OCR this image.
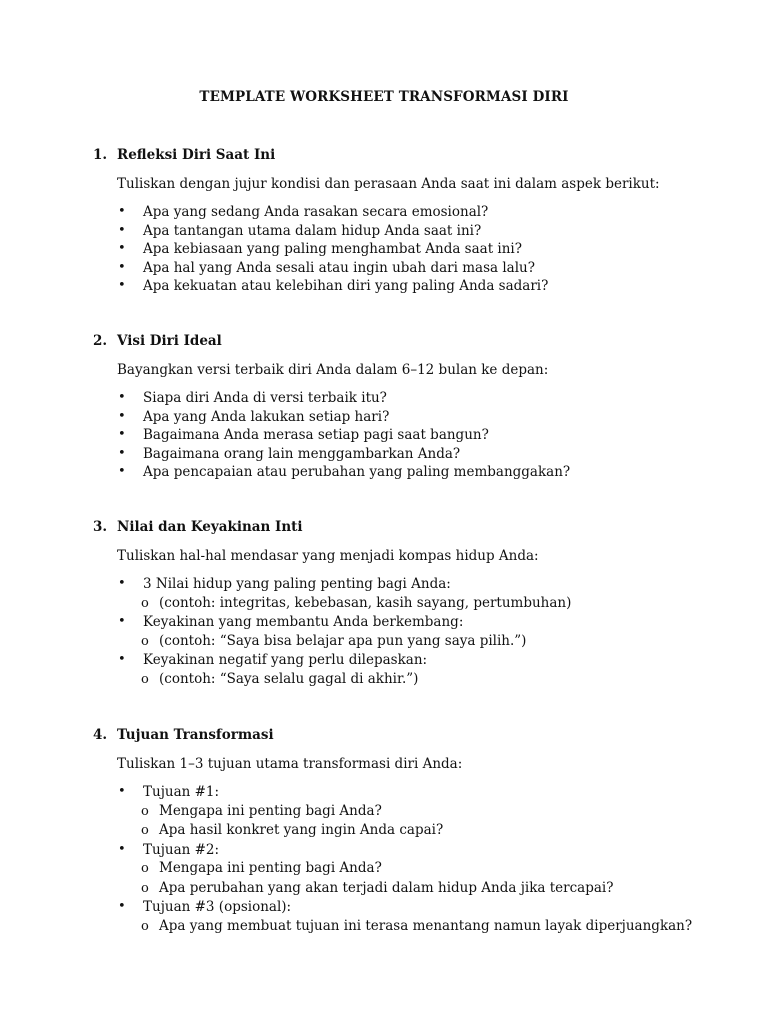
TEMPLATE WORKSHEET TRANSFORMASI DIRI
1. Refleksi Diri Saat Ini
Tuliskan dengan jujur kondisi dan perasaan Anda saat ini dalam aspek berikut:
• Apa yang sedang Anda rasakan secara emosional?
• Apa tantangan utama dalam hidup Anda saat ini?
• Apa kebiasaan yang paling menghambat Anda saat ini?
• Apa hal yang Anda sesali atau ingin ubah dari masa lalu?
• Apa kekuatan atau kelebihan diri yang paling Anda sadari?
2. Visi Diri Ideal
Bayangkan versi terbaik diri Anda dalam 6–12 bulan ke depan:
• Siapa diri Anda di versi terbaik itu?
• Apa yang Anda lakukan setiap hari?
• Bagaimana Anda merasa setiap pagi saat bangun?
• Bagaimana orang lain menggambarkan Anda?
• Apa pencapaian atau perubahan yang paling membanggakan?
3. Nilai dan Keyakinan Inti
Tuliskan hal-hal mendasar yang menjadi kompas hidup Anda:
• 3 Nilai hidup yang paling penting bagi Anda:
o (contoh: integritas, kebebasan, kasih sayang, pertumbuhan)
• Keyakinan yang membantu Anda berkembang:
o (contoh: “Saya bisa belajar apa pun yang saya pilih.”)
• Keyakinan negatif yang perlu dilepaskan:
o (contoh: “Saya selalu gagal di akhir.”)
4. Tujuan Transformasi
Tuliskan 1–3 tujuan utama transformasi diri Anda:
• Tujuan #1:
o Mengapa ini penting bagi Anda?
o Apa hasil konkret yang ingin Anda capai?
• Tujuan #2:
o Mengapa ini penting bagi Anda?
o Apa perubahan yang akan terjadi dalam hidup Anda jika tercapai?
• Tujuan #3 (opsional):
o Apa yang membuat tujuan ini terasa menantang namun layak diperjuangkan?
